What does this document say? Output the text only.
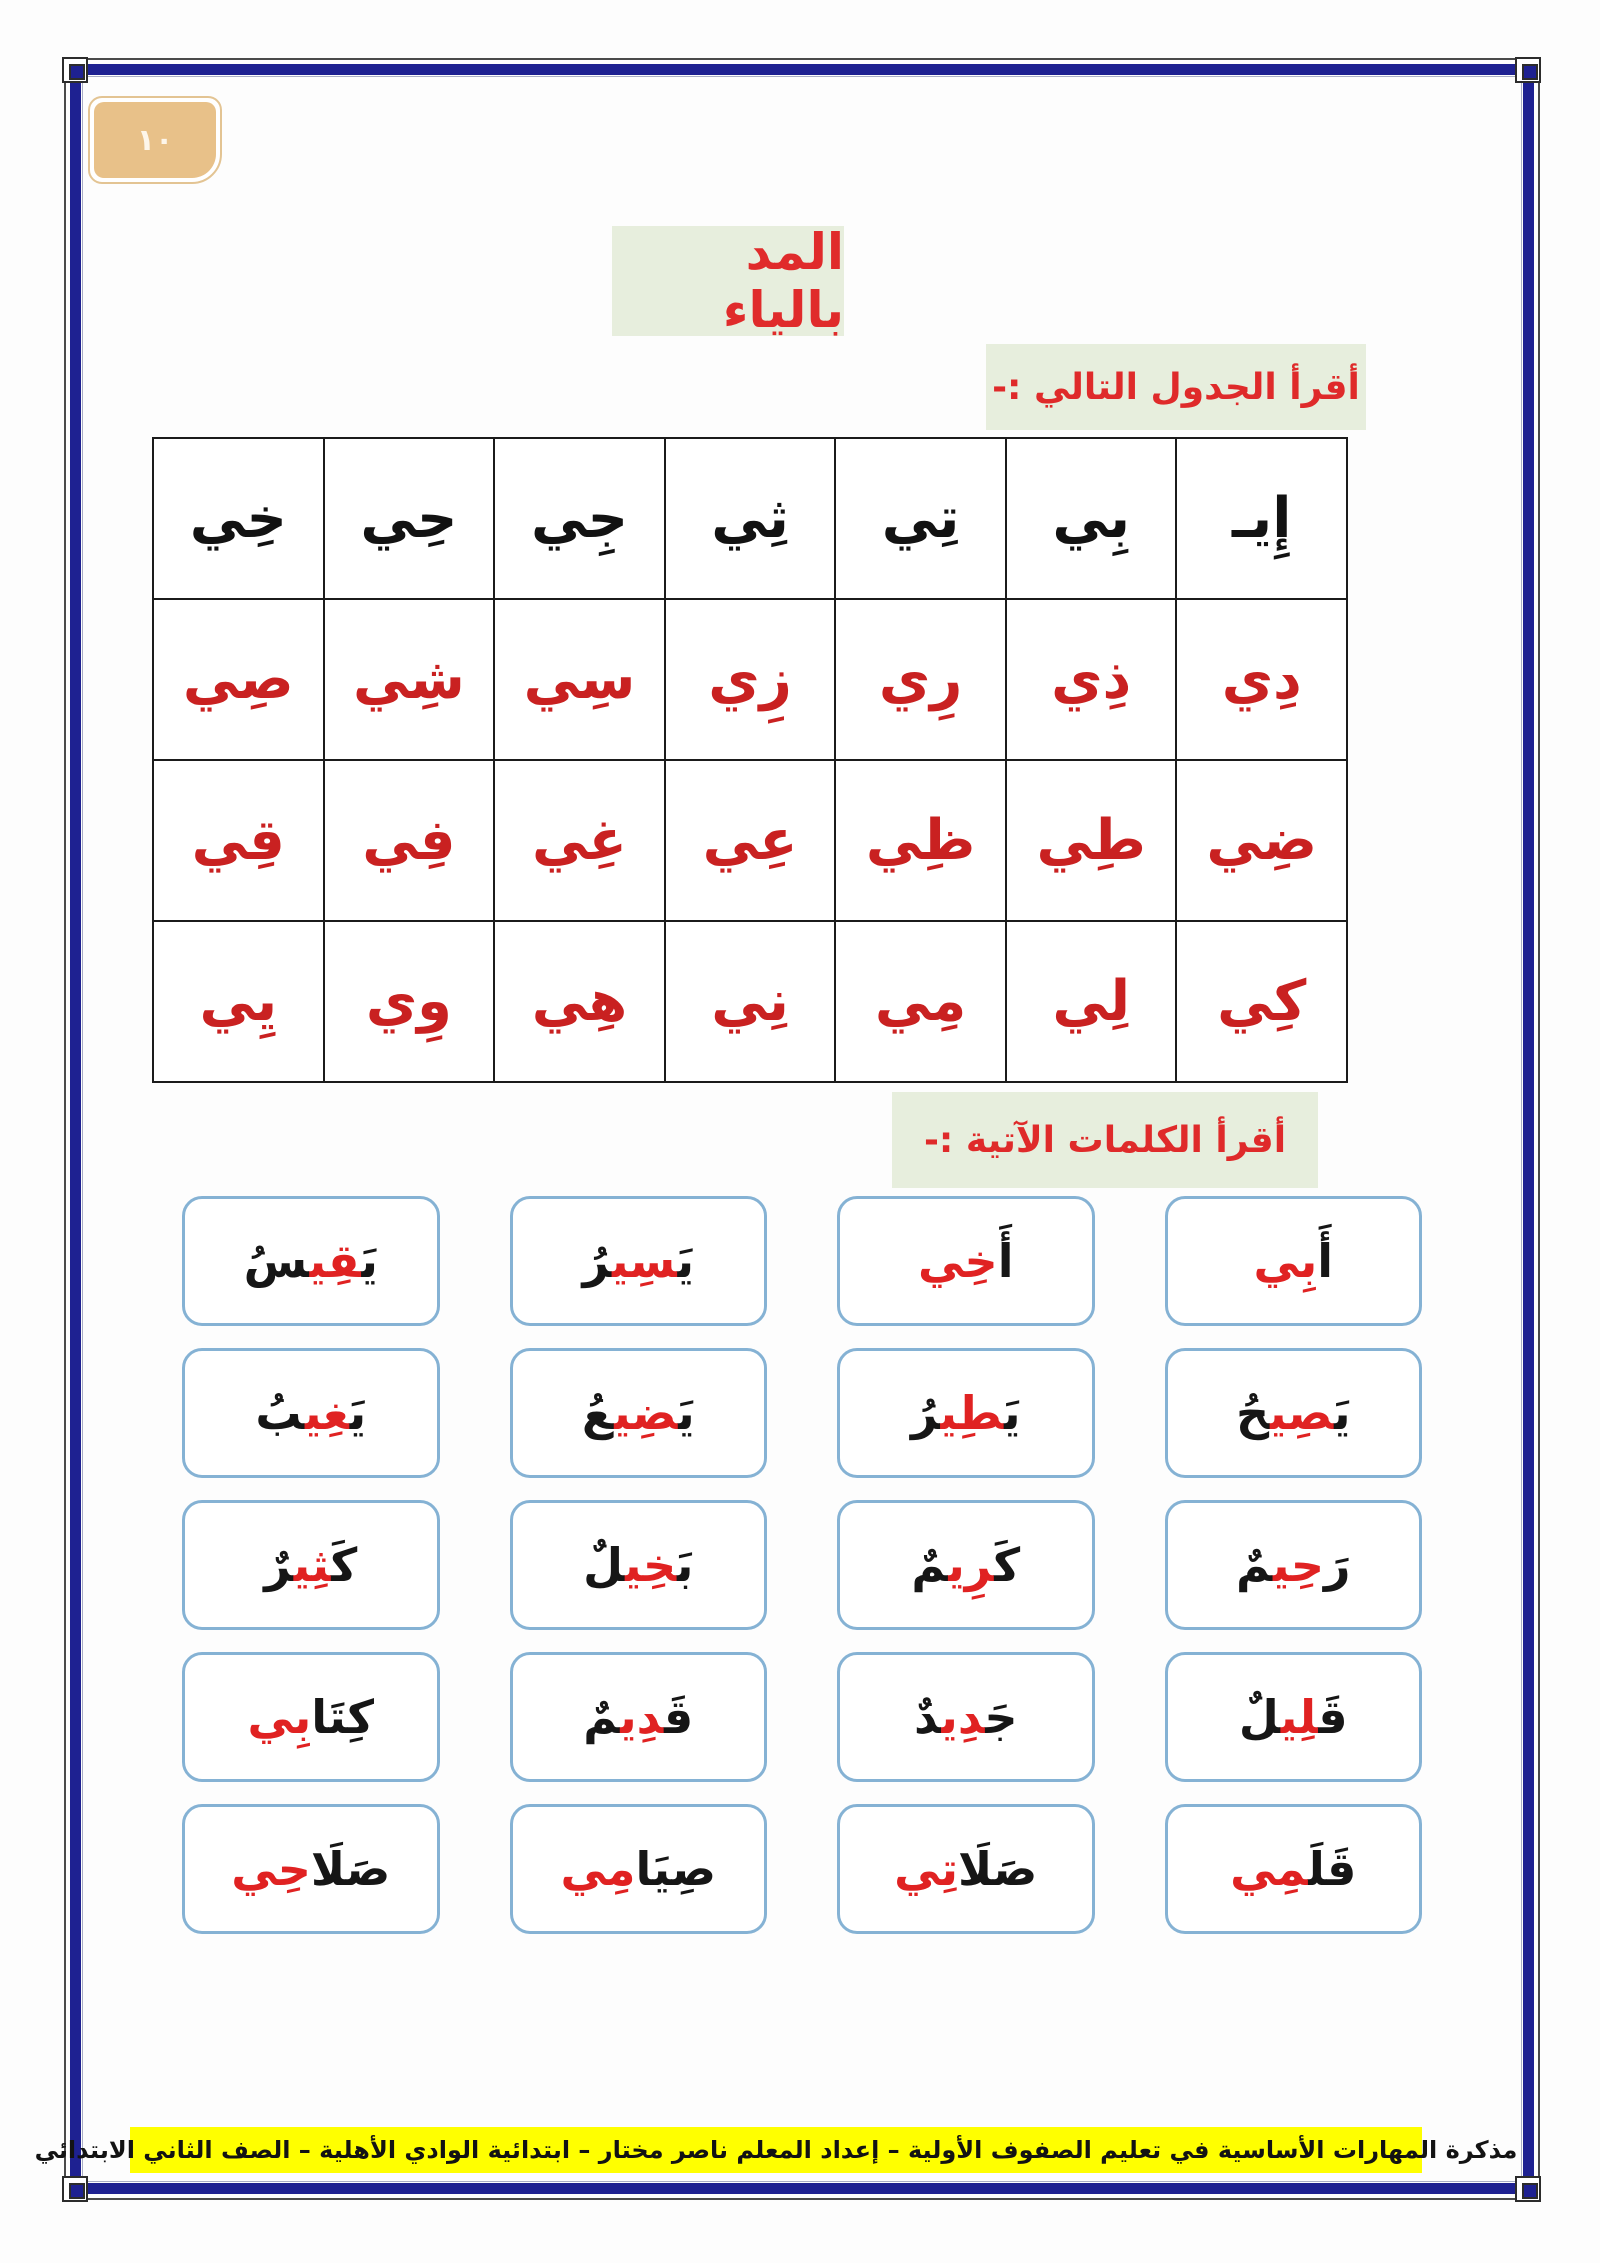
١٠
المد بالياء
أقرأ الجدول التالي :-
إِيـ	بِي	تِي	ثِي	جِي	حِي	خِي
دِي	ذِي	رِي	زِي	سِي	شِي	صِي
ضِي	طِي	ظِي	عِي	غِي	فِي	قِي
كِي	لِي	مِي	نِي	هِي	وِي	يِي
أقرأ الكلمات الآتية :-
أَ
بِي
أَ
خِي
يَ‍
‍سِي‍
‍رُ
يَ‍
‍قِي‍
‍سُ
يَ‍
‍صِي‍
‍حُ
يَ‍
‍طِي‍
‍رُ
يَ‍
‍ضِي‍
‍عُ
يَ‍
‍غِي‍
‍بُ
رَ
حِي‍
‍مٌ
كَ‍
‍رِي‍
‍مٌ
بَ‍
‍خِي‍
‍لٌ
كَ‍
‍ثِي‍
‍رٌ
قَ‍
‍لِي‍
‍لٌ
جَ‍
‍دِي‍
‍دٌ
قَ‍
‍دِي‍
‍مٌ
كِتَا
بِي
قَلَ‍
‍مِي
صَلَا
تِي
صِيَا
مِي
صَلَا
حِي
مذكرة المهارات الأساسية في تعليم الصفوف الأولية – إعداد المعلم ناصر مختار – ابتدائية الوادي الأهلية – الصف الثاني الابتدائي
